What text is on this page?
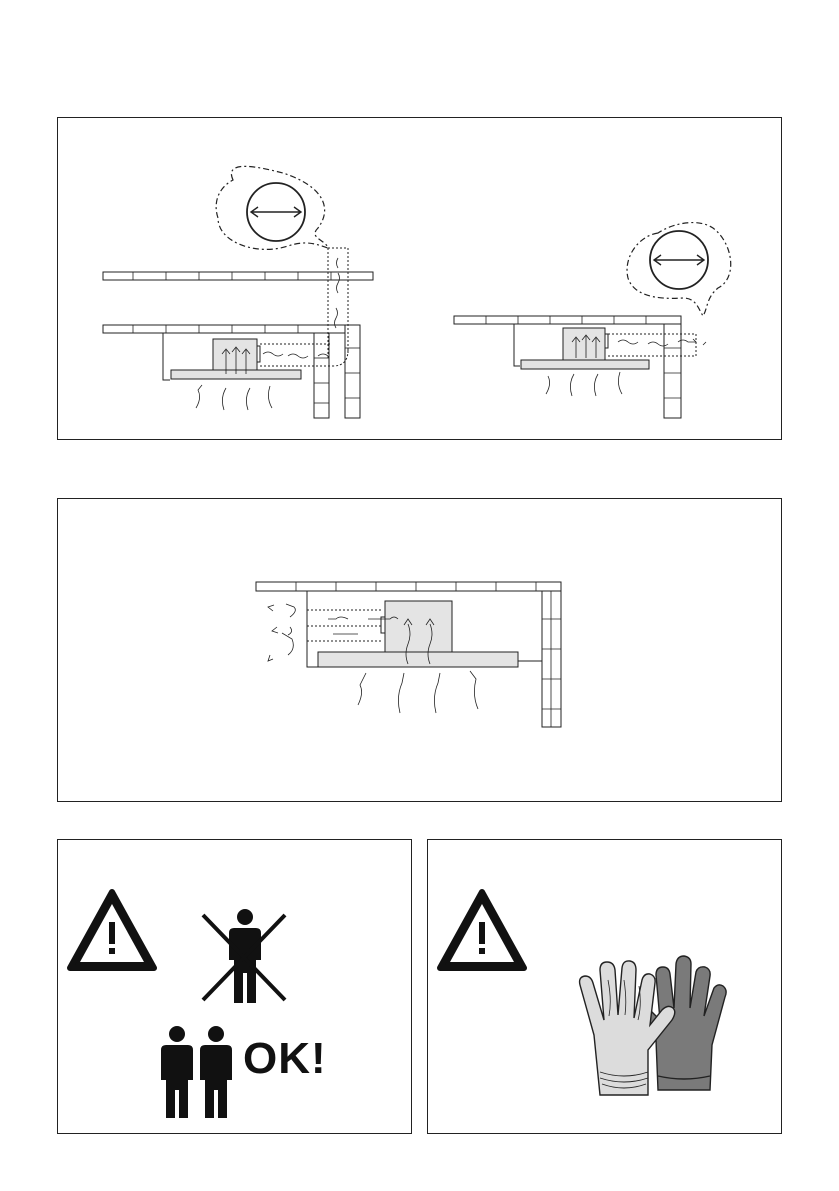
OK!
